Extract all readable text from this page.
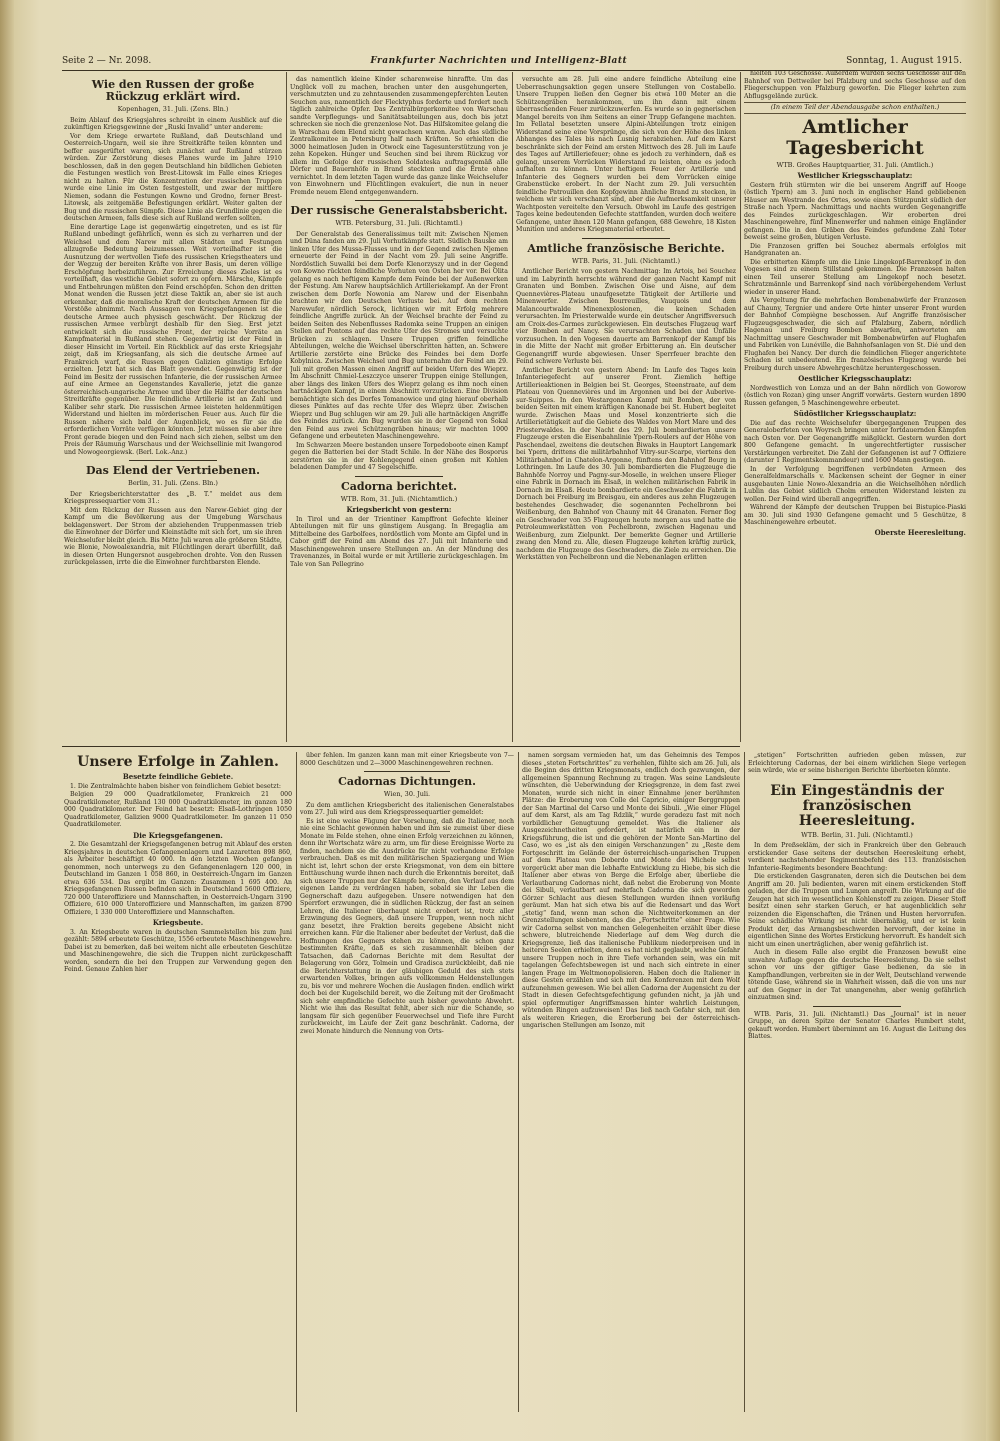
Seite 2 — Nr. 2098.	Frankfurter Nachrichten und Intelligenz-Blatt	Sonntag, 1. August 1915.
Wie den Russen der große Rückzug erklärt wird.
Kopenhagen, 31. Juli. (Zens. Bln.)

Beim Ablauf des Kriegsjahres schreibt in einem Ausblick auf die zukünftigen Kriegsgewinne der „Ruski Invalid“ unter anderem:

Vor dem Kriege erwartete Rußland, daß Deutschland und Oesterreich-Ungarn, weil sie ihre Streitkräfte teilen könnten und beffer ausgerüftet waren, sich zunächst auf Rußland stürzen würden. Zur Zerstörung dieses Planes wurde im Jahre 1910 beschlossen, daß in den gegen Deutschland hin bildlichen Gebieten die Festungen westlich von Brest-Litowsk im Falle eines Krieges nicht zu halten. Für die Konzentration der russischen Truppen wurde eine Linie im Osten festgestellt, und zwar der mittlere Niemen, sodann die Festungen Kowno und Grodno, ferner Brest-Litowsk, als zeitgemäße Befestigungen erklärt. Weiter galten der Bug und die russischen Sümpfe. Diese Linie als Grundlinie gegen die deutschen Armeen, falls diese sich auf Rußland werfen sollten.

Eine derartige Lage ist gegenwärtig eingetreten, und es ist für Rußland unbedingt gefährlich, wenn es sich zu verharren und der Weichsel und dem Narew mit allen Städten und Festungen allzugroße Bedeutung beizumessen. Weit vorteilhafter ist die Ausnutzung der wertvollen Tiefe des russischen Kriegstheaters und der Wegzug der bereiten Kräfte von ihrer Basis, um deren völlige Erschöpfung herbeizuführen. Zur Erreichung dieses Zieles ist es vorteilhaft, das westliche Gebiet sofort zu opfern. Märsche, Kämpfe und Entbehrungen müßten den Feind erschöpfen. Schon den dritten Monat wenden die Russen jetzt diese Taktik an, aber sie ist auch erkennbar, daß die moralische Kraft der deutschen Armeen für die Vorstöße abnimmt. Nach Aussagen von Kriegsgefangenen ist die deutsche Armee auch physisch geschwächt. Der Rückzug der russischen Armee verbürgt deshalb für den Sieg. Erst jetzt entwickelt sich die russische Front, der reiche Vorräte an Kampfmaterial in Rußland stehen. Gegenwärtig ist der Feind in dieser Hinsicht im Vorteil. Ein Rückblick auf das erste Kriegsjahr zeigt, daß im Kriegsanfang, als sich die deutsche Armee auf Frankreich warf, die Russen gegen Galizien günstige Erfolge erzielten. Jetzt hat sich das Blatt gewendet. Gegenwärtig ist der Feind im Besitz der russischen Infanterie, die der russischen Armee auf eine Armee an Gegenstandes Kavallerie, jetzt die ganze österreichisch-ungarische Armee und über die Hälfte der deutschen Streitkräfte gegenüber. Die feindliche Artillerie ist an Zahl und Kaliber sehr stark. Die russischen Armee leisteten heldenmütigen Widerstand und hielten im mörderischen Feuer aus. Auch für die Russen nähere sich bald der Augenblick, wo es für sie die erforderlichen Vorräte verfügen könnten. Jetzt müssen sie aber ihre Front gerade biegen und den Feind nach sich ziehen, selbst um den Preis der Räumung Warschaus und der Weichsellinie mit Iwangorod und Nowogeorgiewsk. (Berl. Lok.-Anz.)

Das Elend der Vertriebenen.
Berlin, 31. Juli. (Zens. Bln.)

Der Kriegsberichterstatter des „B. T.“ meldet aus dem Kriegspressequartier vom 31.:

Mit dem Rückzug der Russen aus den Narew-Gebiet ging der Kampf um die Bevölkerung aus der Umgebung Warschaus beklagenswert. Der Strom der abziehenden Truppenmassen trieb die Einwohner der Dörfer und Kleinstädte mit sich fort, um sie ihren Weichselufer bleibt gleich. Bis Mitte Juli waren alle größeren Städte, wie Blonie, Nowoalexandria, mit Flüchtlingen derart überfüllt, daß in diesen Orten Hungersnot ausgebrochen drohte. Von den Russen zurückgelassen, irrte die die Einwohner furchtbarsten Elende.

das namentlich kleine Kinder scharenweise hinraffte. Um das Unglück voll zu machen, brachen unter den ausgehungerten, verschmutzten und zu zehntausenden zusammengepferchten Leuten Seuchen aus, namentlich der Flecktyphus forderte und fordert noch täglich zahlreiche Opfer. Das Zentralbürgerkomitee von Warschau sandte Verpflegungs- und Sanitätsabteilungen aus, doch bis jetzt schrecken sie noch die grenzenlose Not. Das Hilfskomitee gelang die in Warschau dem Elend nicht gewachsen waren. Auch das südliche Zentralkomitee in Petersburg half nach Kräften. So erhielten die 3000 heimatlosen Juden in Otwock eine Tagesunterstützung von je zehn Kopeken. Hunger und Seuchen sind bei ihrem Rückzug vor allem im Gefolge der russischen Soldateska auftragsgemäß alle Dörfer und Bauernhöfe in Brand steckten und die Ernte ohne vernichtet. In dem letzten Tagen wurde das ganze linke Weichselufer von Einwohnern und Flüchtlingen evakuiert, die nun in neuer Fremde neuem Elend entgegenwandern.

Der russische Generalstabsbericht.
WTB. Petersburg, 31. Juli. (Richtamtl.)

Der Generalstab des Generalissimus teilt mit: Zwischen Njemen und Düna fanden am 29. Juli Vorhutkämpfe statt. Südlich Bauske am linken Ufer des Mussa-Flusses und in der Gegend zwischen Njemen erneuerte der Feind in der Nacht vom 29. Juli seine Angriffe. Nordöstlich Suwalki bei dem Dorfe Klenorzyszy und in der Gegend von Kowno rückten feindliche Vorhuten von Osten her vor. Bei Olita gelang es nach heftigem Kampfe dem Feinde bei der Außenwerken der Festung. Am Narew hauptsächlich Artilleriekampf. An der Front zwischen dem Dorfe Nowonia am Narew und der Eisenbahn brachten wir den Deutschen Verluste bei. Auf dem rechten Narewufer, nördlich Serock, lichtigen wir mit Erfolg mehrere feindliche Angriffe zurück. An der Weichsel brachte der Feind zu beiden Seiten des Nebenflusses Radomka seine Truppen an einigen Stellen auf Pontons auf das rechte Ufer des Stromes und versuchte Brücken zu schlagen. Unsere Truppen griffen feindliche Abteilungen, welche die Weichsel überschritten hatten, an. Schwere Artillerie zerstörte eine Brücke des Feindes bei dem Dorfe Kobylnica. Zwischen Weichsel und Bug unternahm der Feind am 29. Juli mit großen Massen einen Angriff auf beiden Ufern des Wieprz. Im Abschnitt Chmiel-Leszczyce unserer Truppen einige Stellungen, aber längs des linken Ufers des Wieprz gelang es ihm noch einen hartnäckigen Kampf, in einem Abschnitt vorzurücken. Eine Division bemächtigte sich des Dorfes Tomanowice und ging hierauf oberhalb dieses Punktes auf das rechte Ufer des Wieprz über. Zwischen Wieprz und Bug schlugen wir am 29. Juli alle hartnäckigen Angriffe des Feindes zurück. Am Bug wurden sie in der Gegend von Sokal den Feind aus zwei Schützengräben hinaus; wir machten 1000 Gefangene und erbeuteten Maschinengewehre.

Im Schwarzen Meere bestanden unsere Torpedoboote einen Kampf gegen die Batterien bei der Stadt Schile. In der Nähe des Bosporus zerstörten sie in der Kohlengegend einen großen mit Kohlen beladenen Dampfer und 47 Segelschiffe.

Cadorna berichtet.
WTB. Rom, 31. Juli. (Nichtamtlich.)
Kriegsbericht von gestern:

In Tirol und an der Trientiner Kampffront Gefechte kleiner Abteilungen mit für uns günstigem Ausgang. In Bregaglia am Mittelbeine des Garbolfees, nordöstlich vom Monte am Gipfel und in Cabor griff der Feind am Abend des 27. Juli mit Infanterie und Maschinengewehren unsere Stellungen an. An der Mündung des Travenanzes, in Boital wurde er mit Artillerie zurückgeschlagen. Im Tale von San Pellegrino

versuchte am 28. Juli eine andere feindliche Abteilung eine Ueberraschungsaktion gegen unsere Stellungen von Costabello. Unsere Truppen ließen den Gegner bis etwa 100 Meter an die Schützengräben herankommen, um ihn dann mit einem überraschenden Feuer zurückzuwerfen. Es wurde so in gegnerischen Mangel bereits von ihm Seitens an einer Trupp Gefangene machten. Im Fellatal besetzten unsere Alpini-Abteilungen trotz einigen Widerstand seine eine Vorsprünge, die sich von der Höhe des linken Abhanges des Tales bis nach Lusnig herabziehen. Auf dem Karst beschränkte sich der Feind am ersten Mittwoch des 28. Juli im Laufe des Tages auf Artilleriefeuer; ohne es jedoch zu verhindern, daß es gelang, unserem Vorrücken Widerstand zu leisten, ohne es jedoch aufhalten zu können. Unter heftigem Feuer der Artillerie und Infanterie des Gegners wurden bei dem Vorrücken einige Grabenstücke erobert. In der Nacht zum 29. Juli versuchten feindliche Patrouillen den Kopfgewinn ähnliche Brand zu stecken, in welchem wir sich verschanzt sind, aber die Aufmerksamkeit unserer Wachtposten vereitelte den Versuch. Obwohl im Laufe des gestrigen Tages keine bedeutenden Gefechte stattfanden, wurden doch weitere Gefangene, unter ihnen 120 Mann gefangen, 688 Gewehre, 18 Kisten Munition und anderes Kriegsmaterial erbeutet.

Amtliche französische Berichte.
WTB. Paris, 31. Juli. (Nichtamtl.)

Amtlicher Bericht von gestern Nachmittag: Im Artois, bei Souchez und im Labyrinth herrschte während der ganzen Nacht Kampf mit Granaten und Bomben. Zwischen Oise und Aisne, auf dem Quennevières-Plateau unaufgesetzte Tätigkeit der Artillerie und Minenwerfer. Zwischen Bourreuilles, Vauquois und dem Malancourtwalde Minenexplosionen, die keinen Schaden verursachten. Im Priesterwalde wurde ein deutscher Angriffsversuch am Croix-des-Carmes zurückgewiesen. Ein deutsches Flugzeug warf vier Bomben auf Nancy. Sie verursachten Schaden und Unfälle vorzusuchen. In den Vogesen dauerte am Barrenkopf der Kampf bis in die Mitte der Nacht mit großer Erbitterung an. Ein deutscher Gegenangriff wurde abgewiesen. Unser Sperrfeuer brachte den Feind schwere Verluste bei.

Amtlicher Bericht von gestern Abend: Im Laufe des Tages kein Infanteriegefecht auf unserer Front. Ziemlich heftige Artillerieaktionen in Belgien bei St. Georges, Steenstraate, auf dem Plateau von Quennevières und im Argonnen und bei der Auberive-sur-Suippes. In den Westargonnen Kampf mit Bomben, der von beiden Seiten mit einem kräftigen Kanonade bei St. Hubert begleitet wurde. Zwischen Maas und Mosel konzentrierte sich die Artillerietätigkeit auf die Gebiete des Waldes von Mort Mare und des Priesterwaldes. In der Nacht des 29. Juli bombardierten unsere Flugzeuge ersten die Eisenbahnlinie Ypern-Roulers auf der Höhe von Paschendael, zweitens die deutschen Biwaks in Hauptort Langemark bei Ypern, drittens die militärbahnhof Vitry-sur-Scarpe, viertens den Militärbahnhof in Chatelon-Argonne, fünftens den Bahnhof Bourg in Lothringen. Im Laufe des 30. Juli bombardierten die Flugzeuge die Bahnhöfe Norroy und Pagny-sur-Moselle, in welchen unsere Flieger eine Fabrik in Dornach im Elsaß, in welchen militärischen Fabrik in Dornach im Elsaß. Heute bombardierte ein Geschwader die Fabrik in Dornach bei Freiburg im Breisgau, ein anderes aus zehn Flugzeugen bestehendes Geschwader, die sogenannten Pechelbronn bei Weißenburg, den Bahnhof von Chauny mit 44 Granaten. Ferner flog ein Geschwader von 35 Flugzeugen heute morgen aus und hatte die Petroleumwerkstätten von Pechelbronn, zwischen Hagenau und Weißenburg, zum Zielpunkt. Der bemerkte Gegner und Artillerie zwang den Mond zu. Alle, diesen Flugzeuge kehrten kräftig zurück, nachdem die Flugzeuge des Geschwaders, die Ziele zu erreichen. Die Werkstätten von Pechelbronn und die Nebenanlagen erlitten

hielten 103 Geschosse. Außerdem wurden sechs Geschosse auf den Bahnhof von Dettweiler bei Pfalzburg und sechs Geschosse auf den Fliegerschuppen von Pfalzburg geworfen. Die Flieger kehrten zum Abflugsgelände zurück.

(In einem Teil der Abendausgabe schon enthalten.)
Amtlicher Tagesbericht
WTB. Großes Hauptquartier, 31. Juli. (Amtlich.)
Westlicher Kriegsschauplatz:

Gestern früh stürmten wir die bei unserem Angriff auf Hooge (östlich Ypern) am 3. Juni noch in englischer Hand gebliebenen Häuser am Westrande des Ortes, sowie einen Stützpunkt südlich der Straße nach Ypern. Nachmittags und nachts wurden Gegenangriffe des Feindes zurückgeschlagen. Wir eroberten drei Maschinengewehre, fünf Minenwerfer und nahmen einige Engländer gefangen. Die in den Gräben des Feindes gefundene Zahl Toter beweist seine großen, blutigen Verluste.

Die Franzosen griffen bei Souchez abermals erfolglos mit Handgranaten an.

Die erbitterten Kämpfe um die Linie Lingekopf-Barrenkopf in den Vogesen sind zu einem Stillstand gekommen. Die Franzosen halten einen Teil unserer Stellung am Lingekopf noch besetzt. Schratzmännle und Barrenkopf sind nach vorübergehendem Verlust wieder in unserer Hand.

Als Vergeltung für die mehrfachen Bombenabwürfe der Franzosen auf Chauny, Tergnier und andere Orte hinter unserer Front wurden der Bahnhof Compiègne beschossen. Auf Angriffe französischer Flugzeugsgeschwader, die sich auf Pfalzburg, Zabern, nördlich Hagenau und Freiburg Bomben abwarfen, antworteten am Nachmittag unsere Geschwader mit Bombenabwürfen auf Flughafen und Fabriken von Lunéville, die Bahnhofsanlagen von St. Dié und den Flughafen bei Nancy. Der durch die feindlichen Flieger angerichtete Schaden ist unbedeutend. Ein französisches Flugzeug wurde bei Freiburg durch unsere Abwehrgeschütze heruntergeschossen.

Oestlicher Kriegsschauplatz:

Nordwestlich von Lomza und an der Bahn nördlich von Goworow (östlich von Rozan) ging unser Angriff vorwärts. Gestern wurden 1890 Russen gefangen, 5 Maschinengewehre erbeutet.

Südöstlicher Kriegsschauplatz:

Die auf das rechte Weichselufer übergegangenen Truppen des Generaloberfeten von Woyrsch bringen unter fortdauernden Kämpfen nach Osten vor. Der Gegenangriffe mißglückt. Gestern wurden dort 800 Gefangene gemacht. In ungerechtfertigter russischer Verstärkungen verbreitet. Die Zahl der Gefangenen ist auf 7 Offiziere (darunter 1 Regimentskommandeur) und 1600 Mann gestiegen.

In der Verfolgung begriffenen verbündeten Armeen des Generalfeldmarschalls v. Mackensen scheint der Gegner in einer ausgebauten Linie Nowo-Alexandria an die Weichselhöhen nördlich Lublin das Gebiet südlich Cholm erneuten Widerstand leisten zu wollen. Der Feind wird überall angegriffen.

Während der Kämpfe der deutschen Truppen bei Bistupice-Piaski am 30. Juli sind 1930 Gefangene gemacht und 5 Geschütze, 8 Maschinengewehre erbeutet.

Oberste Heeresleitung.
Unsere Erfolge in Zahlen.
Besetzte feindliche Gebiete.

1. Die Zentralmächte haben bisher von feindlichem Gebiet besetzt:

Belgien 29 000 Quadratkilometer, Frankreich 21 000 Quadratkilometer, Rußland 130 000 Quadratkilometer, im ganzen 180 000 Quadratkilometer. Der Feind hat besetzt: Elsaß-Lothringen 1050 Quadratkilometer, Galizien 9000 Quadratkilometer. Im ganzen 11 050 Quadratkilometer.

Die Kriegsgefangenen.

2. Die Gesamtzahl der Kriegsgefangenen betrug mit Ablauf des ersten Kriegsjahres in deutschen Gefangenenlagern und Lazaretten 898 860, als Arbeiter beschäftigt 40 000. In den letzten Wochen gefangen genommen, noch unterwegs zu den Gefangenenlagern 120 000, in Deutschland im Ganzen 1 058 860, in Oesterreich-Ungarn im Ganzen etwa 636 534. Das ergibt im Ganzen: Zusammen 1 695 400. An Kriegsgefangenen Russen befinden sich in Deutschland 5600 Offiziere, 720 000 Unteroffiziere und Mannschaften, in Oesterreich-Ungarn 3190 Offiziere, 610 000 Unteroffiziere und Mannschaften, im ganzen 8790 Offiziere, 1 330 000 Unteroffiziere und Mannschaften.

Kriegsbeute.

3. An Kriegsbeute waren in deutschen Sammelstellen bis zum Juni gezählt: 5894 erbeutete Geschütze, 1556 erbeutete Maschinengewehre. Dabei ist zu bemerken, daß bei weitem nicht alle erbeuteten Geschütze und Maschinengewehre, die sich die Truppen nicht zurückgeschafft worden, sondern die bei den Truppen zur Verwendung gegen den Feind. Genaue Zahlen hier

über fehlen. Im ganzen kann man mit einer Kriegsbeute von 7—8000 Geschützen und 2—3000 Maschinengewehren rechnen.

Cadornas Dichtungen.
Wien, 30. Juli.

Zu dem amtlichen Kriegsbericht des italienischen Generalstabes vom 27. Juli wird aus dem Kriegspressequartier gemeldet:

Es ist eine weise Fügung der Vorsehung, daß die Italiener, noch nie eine Schlacht gewonnen haben und ihm sie zumeist über diese Monate im Felde stehen, ohne einen Erfolg verzeichnen zu können, denn ihr Wortschatz wäre zu arm, um für diese Ereignisse Worte zu finden, nachdem sie die Ausdrücke für nicht vorhandene Erfolge verbrauchen. Daß es mit den militärischen Spaziergang und Wien nicht ist, lehrt schon der erste Kriegsmonat, von dem ein bittere Enttäuschung wurde ihnen nach durch die Erkenntnis bereitet, daß sich unsere Truppen nur der Kämpfe bereiten, den Verlauf aus dem eigenen Lande zu verdrängen haben, sobald sie ihr Leben die Gegnerschaft dazu aufgegeben. Unsere notwendigen hat den Sperrfort erzwungen, die in südlichen Rückzug, der fast an seinen Lehren, die Italiener überhaupt nicht erobert ist, trotz aller Erzwingung des Gegners, daß unsere Truppen, wenn noch nicht ganz besetzt, ihre Fraktion bereits gegebene Absicht nicht erreichen kann. Für die Italiener aber bedeutet der Verlust, daß die Hoffnungen des Gegners stehen zu können, die schon ganz bestimmten Kräfte, daß es sich zusammenhält bleiben der Tatsachen, daß Cadornas Berichte mit dem Resultat der Belagerung von Görz, Tolmein und Gradisca zurückbleibt, daß nie die Berichterstattung in der gläubigen Geduld des sich stets erwartenden Volkes, bringen aufs vollkommen Heldenstellungen zu, bis vor und mehrere Wochen die Auslagen finden. endlich wirkt doch bei der Kugelschild bereit, wo die Zeitung mit der Großmacht sich sehr empfindliche Gefechte auch bisher gewohnte Abwehrt. Nicht wie ihm das Resultat fehlt, aber sich nur die Schande, so langsam für sich gegenüber Feuerwechsel und Tiefe ihre Furcht zurückweicht, im Laufe der Zeit ganz beschränkt. Cadorna, der zwei Monate hindurch die Nennung von Orts-

namen sorgsam vermieden hat, um das Geheimnis des Tempos dieses „steten Fortschrittes“ zu verhehlen, fühlte sich am 26. Juli, als die Beginn des dritten Kriegsmonats, endlich doch gezwungen, der allgemeinen Spannung Rechnung zu tragen. Was seine Landsleute wünschten, die Ueberwindung der Kriegsgrenze, in dem fast zwei Monaten, wurde sich nicht in einer Einnahme jener berühmten Plätze: die Eroberung von Colle del Capricio, einiger Berggruppen der San Martinal del Carso und Monte dei Sibuli. „Wie einer Flügel auf dem Karst, als am Tag Rdzlik,“ wurde geradezu fast mit noch vorbildlicher Genugtuung gemeldet. Was die Italiener als Ausgezeichnetheiten gefordert, ist natürlich ein in der Kriegsführung, die ist und die gehören der Monte San-Martino del Caso, wo es „ist als den einigen Verschanzungen“ zu „Reste dem Fortgeschritt im Gelände der österreichisch-ungarischen Truppen auf dem Plateau von Doberdo und Monte dei Michele selbst vorgerückt aber man die lebhafte Entwicklung zu Hiebe, bis sich die Italiener aber etwas von Berge die Erfolge aber, überliebe die Verlautbarung Cadornas nicht, daß nebst die Eroberung von Monte dei Sibuli, verlautbart auf mehrfach Cadorna die sich geworden Görzer Schlacht aus diesen Stellungen wurden ihnen vorläufig geräumt. Man hat sich etwa bis auf die Redensart und das Wort „stetig“ fand, wenn man schon die Nichtweiterkommen an der Grenzstellungen siebenten, das die „Fortschritte“ einer Frage. Wie wir Cadorna selbst von manchen Gelegenheiten erzählt über diese schwere, blutreichende Niederlage auf dem Weg durch die Kriegsgrenze, ließ das italienische Publikum niederpreisen und in heiteren Seelen erhielten, denn es hat nicht geglaubt, welche Gefahr unsere Truppen noch in ihre Tiefe vorhanden sein, was ein mit tagelangen Gefechtsbewegen ist und nach sich eintrete in einer langen Frage im Weltmonopolisieren. Haben doch die Italiener in diese Gesten erzählen und sich mit den Konferenzen mit dem Wolf aufzunehmen gewesen. Wie bei allen Cadorna der Augensicht zu der Stadt in diesen Gefechtsgefechtigung gefunden nicht, ja jäh und spiel opfermutiger Angriffsmassen hinter wahrlich Leistungen, wütenden Ringen aufzuweisen! Das ließ nach Gefahr sich, mit den als weiteren Kriegen, die Erorberung bei der österreichisch-ungarischen Stellungen am Isonzo, mit

„stetigen“ Fortschritten aufrieden geben müssen, zur Erleichterung Cadornas, der bei einem wirklichen Siege verlegen sein würde, wie er seine bisherigen Berichte überbieten könnte.

Ein Eingeständnis der französischen Heeresleitung.
WTB. Berlin, 31. Juli. (Nichtamtl.)

In dem Preßsekläm, der sich in Frankreich über den Gebrauch erstickender Gase seitens der deutschen Heeresleitung erhebt, verdient nachstehender Regimentsbefehl des 113. französischen Infanterie-Regiments besondere Beachtung:

Die erstickenden Gasgranaten, deren sich die Deutschen bei dem Angriff am 20. Juli bedienten, waren mit einem erstickenden Stoff geladen, der die Truppen und Lungen angreift. Die Wirkung auf die Zeugen hat sich im wesentlichen Kohlenstoff zu zeigen. Dieser Stoff besitzt einen sehr starken Geruch, er hat augenblicklich sehr reizenden die Eigenschaften, die Tränen und Husten hervorrufen. Seine schädliche Wirkung ist nicht übermäßig, und er ist kein Produkt der, das Armangsbeschwerden hervorruft, der keine in eigentlichen Sinne des Wortes Erstickung hervorruft. Es handelt sich nicht um einen unerträglichen, aber wenig gefährlich ist.

Auch in diesem Falle also ergibt die Franzosen bewußt eine unwahre Auflage gegen die deutsche Heeresleitung. Da sie selbst schon vor uns der giftiger Gase bedienen, da sie in Kampfhandlungen, verbreiten sie in der Welt, Deutschland verwende tötende Gase, während sie in Wahrheit wissen, daß die von uns nur auf den Gegner in der Tat unangenehm, aber wenig gefährlich einzuatmen sind.

WTB. Paris, 31. Juli. (Nichtamtl.) Das „Journal“ ist in neuer Gruppe, an deren Spitze der Senator Charles Humbert steht, gekauft worden. Humbert übernimmt am 16. August die Leitung des Blattes.
